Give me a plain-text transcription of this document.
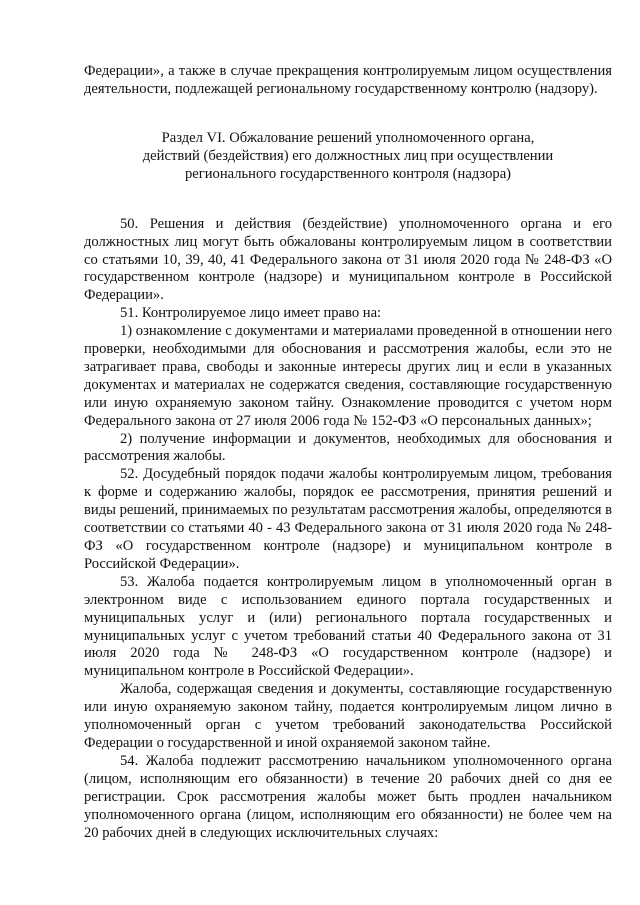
Федерации», а также в случае прекращения контролируемым лицом осуществления деятельности, подлежащей региональному государственному контролю (надзору).

Раздел VI. Обжалование решений уполномоченного органа,
действий (бездействия) его должностных лиц при осуществлении
регионального государственного контроля (надзора)

50. Решения и действия (бездействие) уполномоченного органа и его должностных лиц могут быть обжалованы контролируемым лицом в соответствии со статьями 10, 39, 40, 41 Федерального закона от 31 июля 2020 года № 248-ФЗ «О государственном контроле (надзоре) и муниципальном контроле в Российской Федерации».

51. Контролируемое лицо имеет право на:

1) ознакомление с документами и материалами проведенной в отношении него проверки, необходимыми для обоснования и рассмотрения жалобы, если это не затрагивает права, свободы и законные интересы других лиц и если в указанных документах и материалах не содержатся сведения, составляющие государственную или иную охраняемую законом тайну. Ознакомление проводится с учетом норм Федерального закона от 27 июля 2006 года № 152-ФЗ «О персональных данных»;

2) получение информации и документов, необходимых для обоснования и рассмотрения жалобы.

52. Досудебный порядок подачи жалобы контролируемым лицом, требования к форме и содержанию жалобы, порядок ее рассмотрения, принятия решений и виды решений, принимаемых по результатам рассмотрения жалобы, определяются в соответствии со статьями 40 - 43 Федерального закона от 31 июля 2020 года № 248-ФЗ «О государственном контроле (надзоре) и муниципальном контроле в Российской Федерации».

53. Жалоба подается контролируемым лицом в уполномоченный орган в электронном виде с использованием единого портала государственных и муниципальных услуг и (или) регионального портала государственных и муниципальных услуг с учетом требований статьи 40 Федерального закона от 31 июля 2020 года № 248-ФЗ «О государственном контроле (надзоре) и муниципальном контроле в Российской Федерации».

Жалоба, содержащая сведения и документы, составляющие государственную или иную охраняемую законом тайну, подается контролируемым лицом лично в уполномоченный орган с учетом требований законодательства Российской Федерации о государственной и иной охраняемой законом тайне.

54. Жалоба подлежит рассмотрению начальником уполномоченного органа (лицом, исполняющим его обязанности) в течение 20 рабочих дней со дня ее регистрации. Срок рассмотрения жалобы может быть продлен начальником уполномоченного органа (лицом, исполняющим его обязанности) не более чем на 20 рабочих дней в следующих исключительных случаях:
